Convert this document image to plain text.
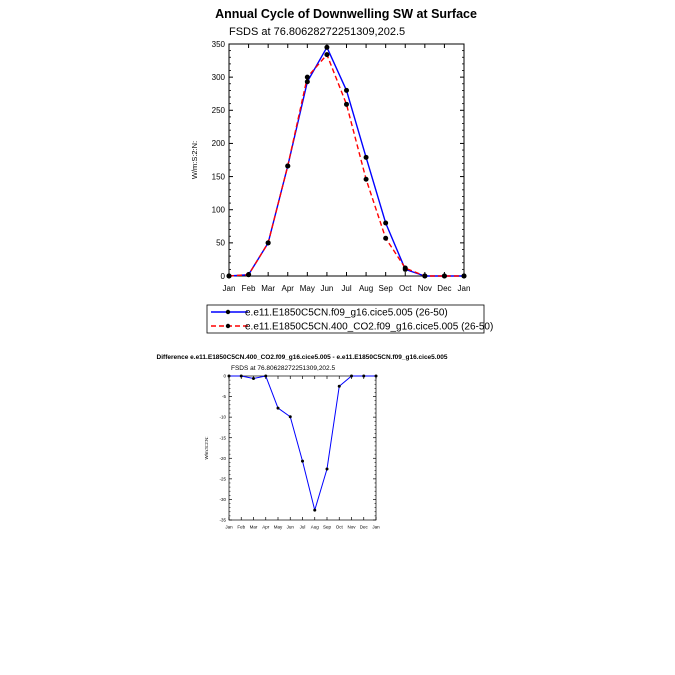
Annual Cycle of Downwelling SW at Surface
FSDS at 76.80628272251309,202.5
W/m:S:2:N:
Difference e.e11.E1850C5CN.400_CO2.f09_g16.cice5.005 - e.e11.E1850C5CN.f09_g16.cice5.005
FSDS at 76.80628272251309,202.5
W/m:S:2:N:
e.e11.E1850C5CN.f09_g16.cice5.005 (26-50)
e.e11.E1850C5CN.400_CO2.f09_g16.cice5.005 (26-50)
0
50
100
150
200
250
300
350
Jan Feb Mar Apr May Jun Jul Aug Sep Oct Nov Dec Jan
-35
-30
-25
-20
-15
-10
-5
0
Jan Feb Mar Apr May Jun Jul Aug Sep Oct Nov Dec Jan
